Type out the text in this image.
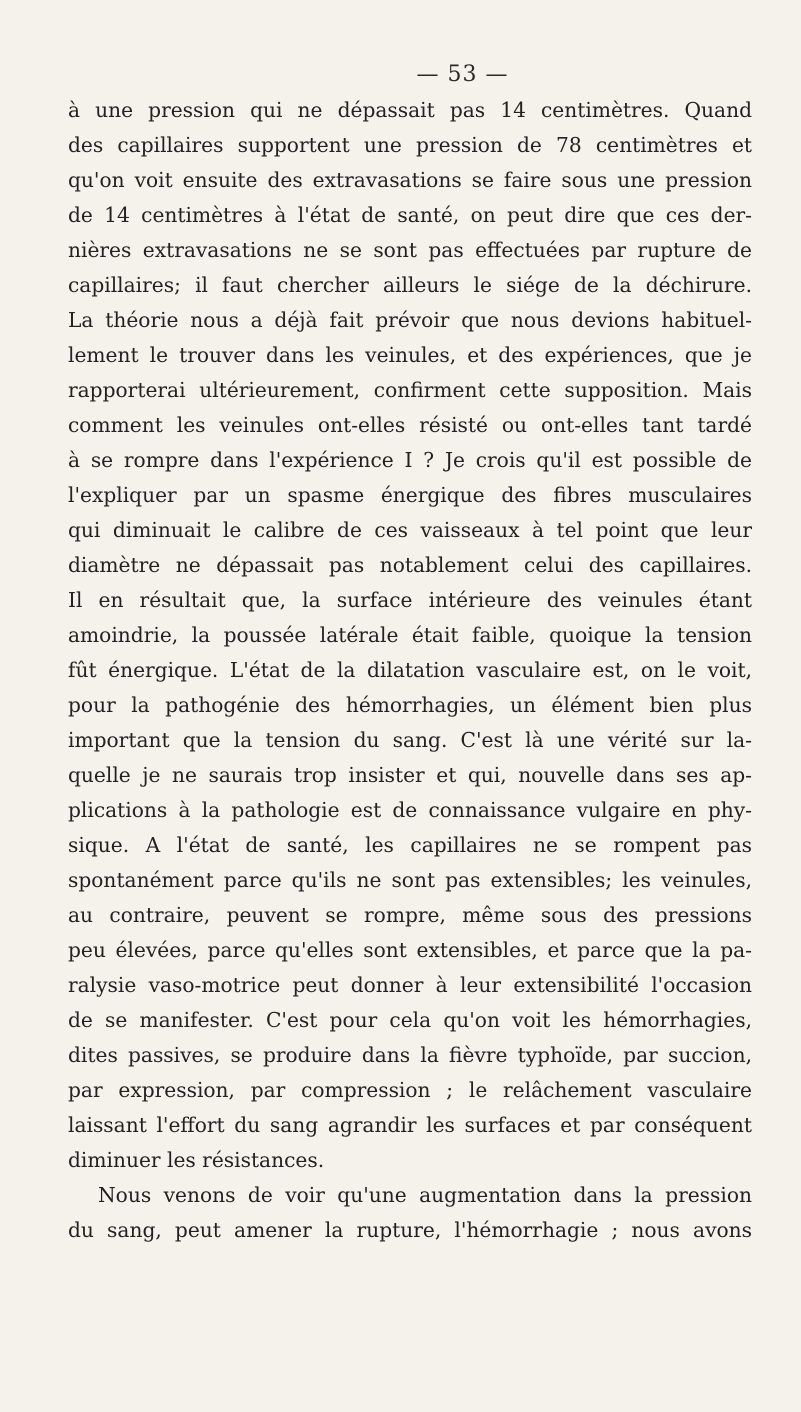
— 53 —
à une pression qui ne dépassait pas 14 centimètres. Quand
des capillaires supportent une pression de 78 centimètres et
qu'on voit ensuite des extravasations se faire sous une pression
de 14 centimètres à l'état de santé, on peut dire que ces der-
nières extravasations ne se sont pas effectuées par rupture de
capillaires; il faut chercher ailleurs le siége de la déchirure.
La théorie nous a déjà fait prévoir que nous devions habituel-
lement le trouver dans les veinules, et des expériences, que je
rapporterai ultérieurement, confirment cette supposition. Mais
comment les veinules ont-elles résisté ou ont-elles tant tardé
à se rompre dans l'expérience I ? Je crois qu'il est possible de
l'expliquer par un spasme énergique des fibres musculaires
qui diminuait le calibre de ces vaisseaux à tel point que leur
diamètre ne dépassait pas notablement celui des capillaires.
Il en résultait que, la surface intérieure des veinules étant
amoindrie, la poussée latérale était faible, quoique la tension
fût énergique. L'état de la dilatation vasculaire est, on le voit,
pour la pathogénie des hémorrhagies, un élément bien plus
important que la tension du sang. C'est là une vérité sur la-
quelle je ne saurais trop insister et qui, nouvelle dans ses ap-
plications à la pathologie est de connaissance vulgaire en phy-
sique. A l'état de santé, les capillaires ne se rompent pas
spontanément parce qu'ils ne sont pas extensibles; les veinules,
au contraire, peuvent se rompre, même sous des pressions
peu élevées, parce qu'elles sont extensibles, et parce que la pa-
ralysie vaso-motrice peut donner à leur extensibilité l'occasion
de se manifester. C'est pour cela qu'on voit les hémorrhagies,
dites passives, se produire dans la fièvre typhoïde, par succion,
par expression, par compression ; le relâchement vasculaire
laissant l'effort du sang agrandir les surfaces et par conséquent
diminuer les résistances.
Nous venons de voir qu'une augmentation dans la pression
du sang, peut amener la rupture, l'hémorrhagie ; nous avons
